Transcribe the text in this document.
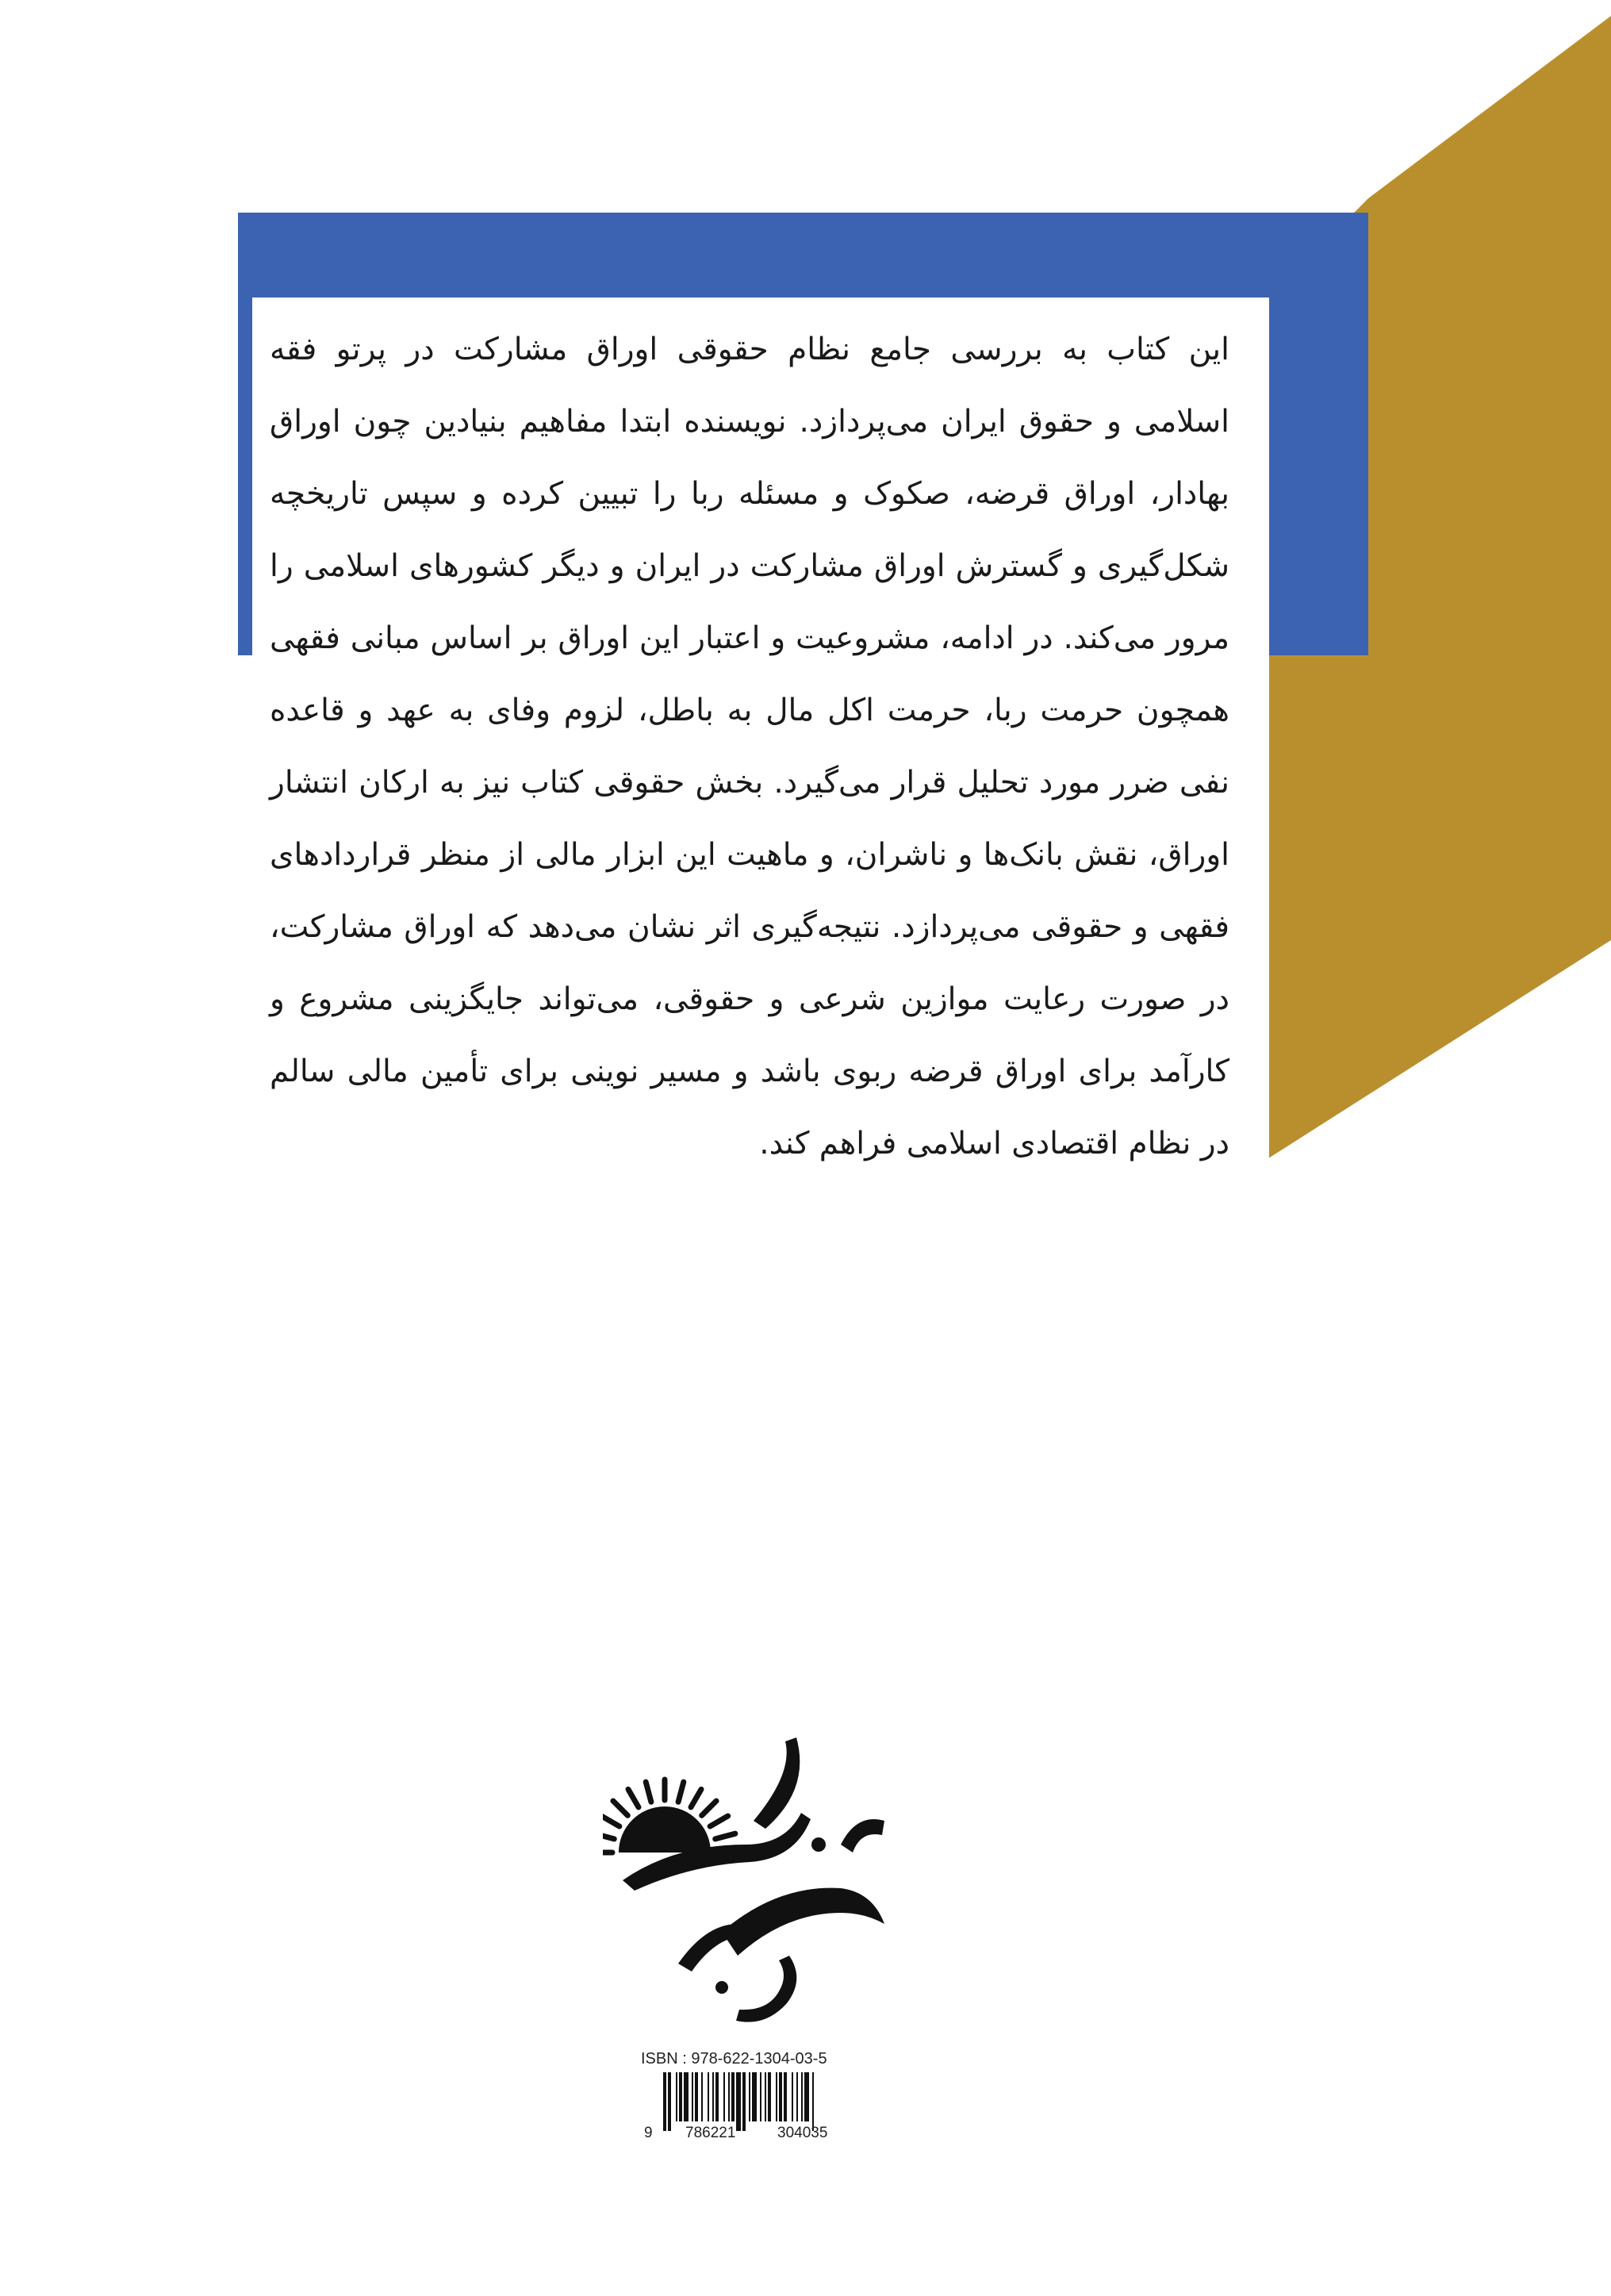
این کتاب به بررسی جامع نظام حقوقی اوراق مشارکت در پرتو فقه اسلامی و حقوق ایران می‌پردازد. نویسنده ابتدا مفاهیم بنیادین چون اوراق بهادار، اوراق قرضه، صکوک و مسئله ربا را تبیین کرده و سپس تاریخچه شکل‌گیری و گسترش اوراق مشارکت در ایران و دیگر کشورهای اسلامی را مرور می‌کند. در ادامه، مشروعیت و اعتبار این اوراق بر اساس مبانی فقهی همچون حرمت ربا، حرمت اکل مال به باطل، لزوم وفای به عهد و قاعده نفی ضرر مورد تحلیل قرار می‌گیرد. بخش حقوقی کتاب نیز به ارکان انتشار اوراق، نقش بانک‌ها و ناشران، و ماهیت این ابزار مالی از منظر قراردادهای فقهی و حقوقی می‌پردازد. نتیجه‌گیری اثر نشان می‌دهد که اوراق مشارکت، در صورت رعایت موازین شرعی و حقوقی، می‌تواند جایگزینی مشروع و کارآمد برای اوراق قرضه ربوی باشد و مسیر نوینی برای تأمین مالی سالم در نظام اقتصادی اسلامی فراهم کند.

ISBN : 978-622-1304-03-5
9 786221	304035
